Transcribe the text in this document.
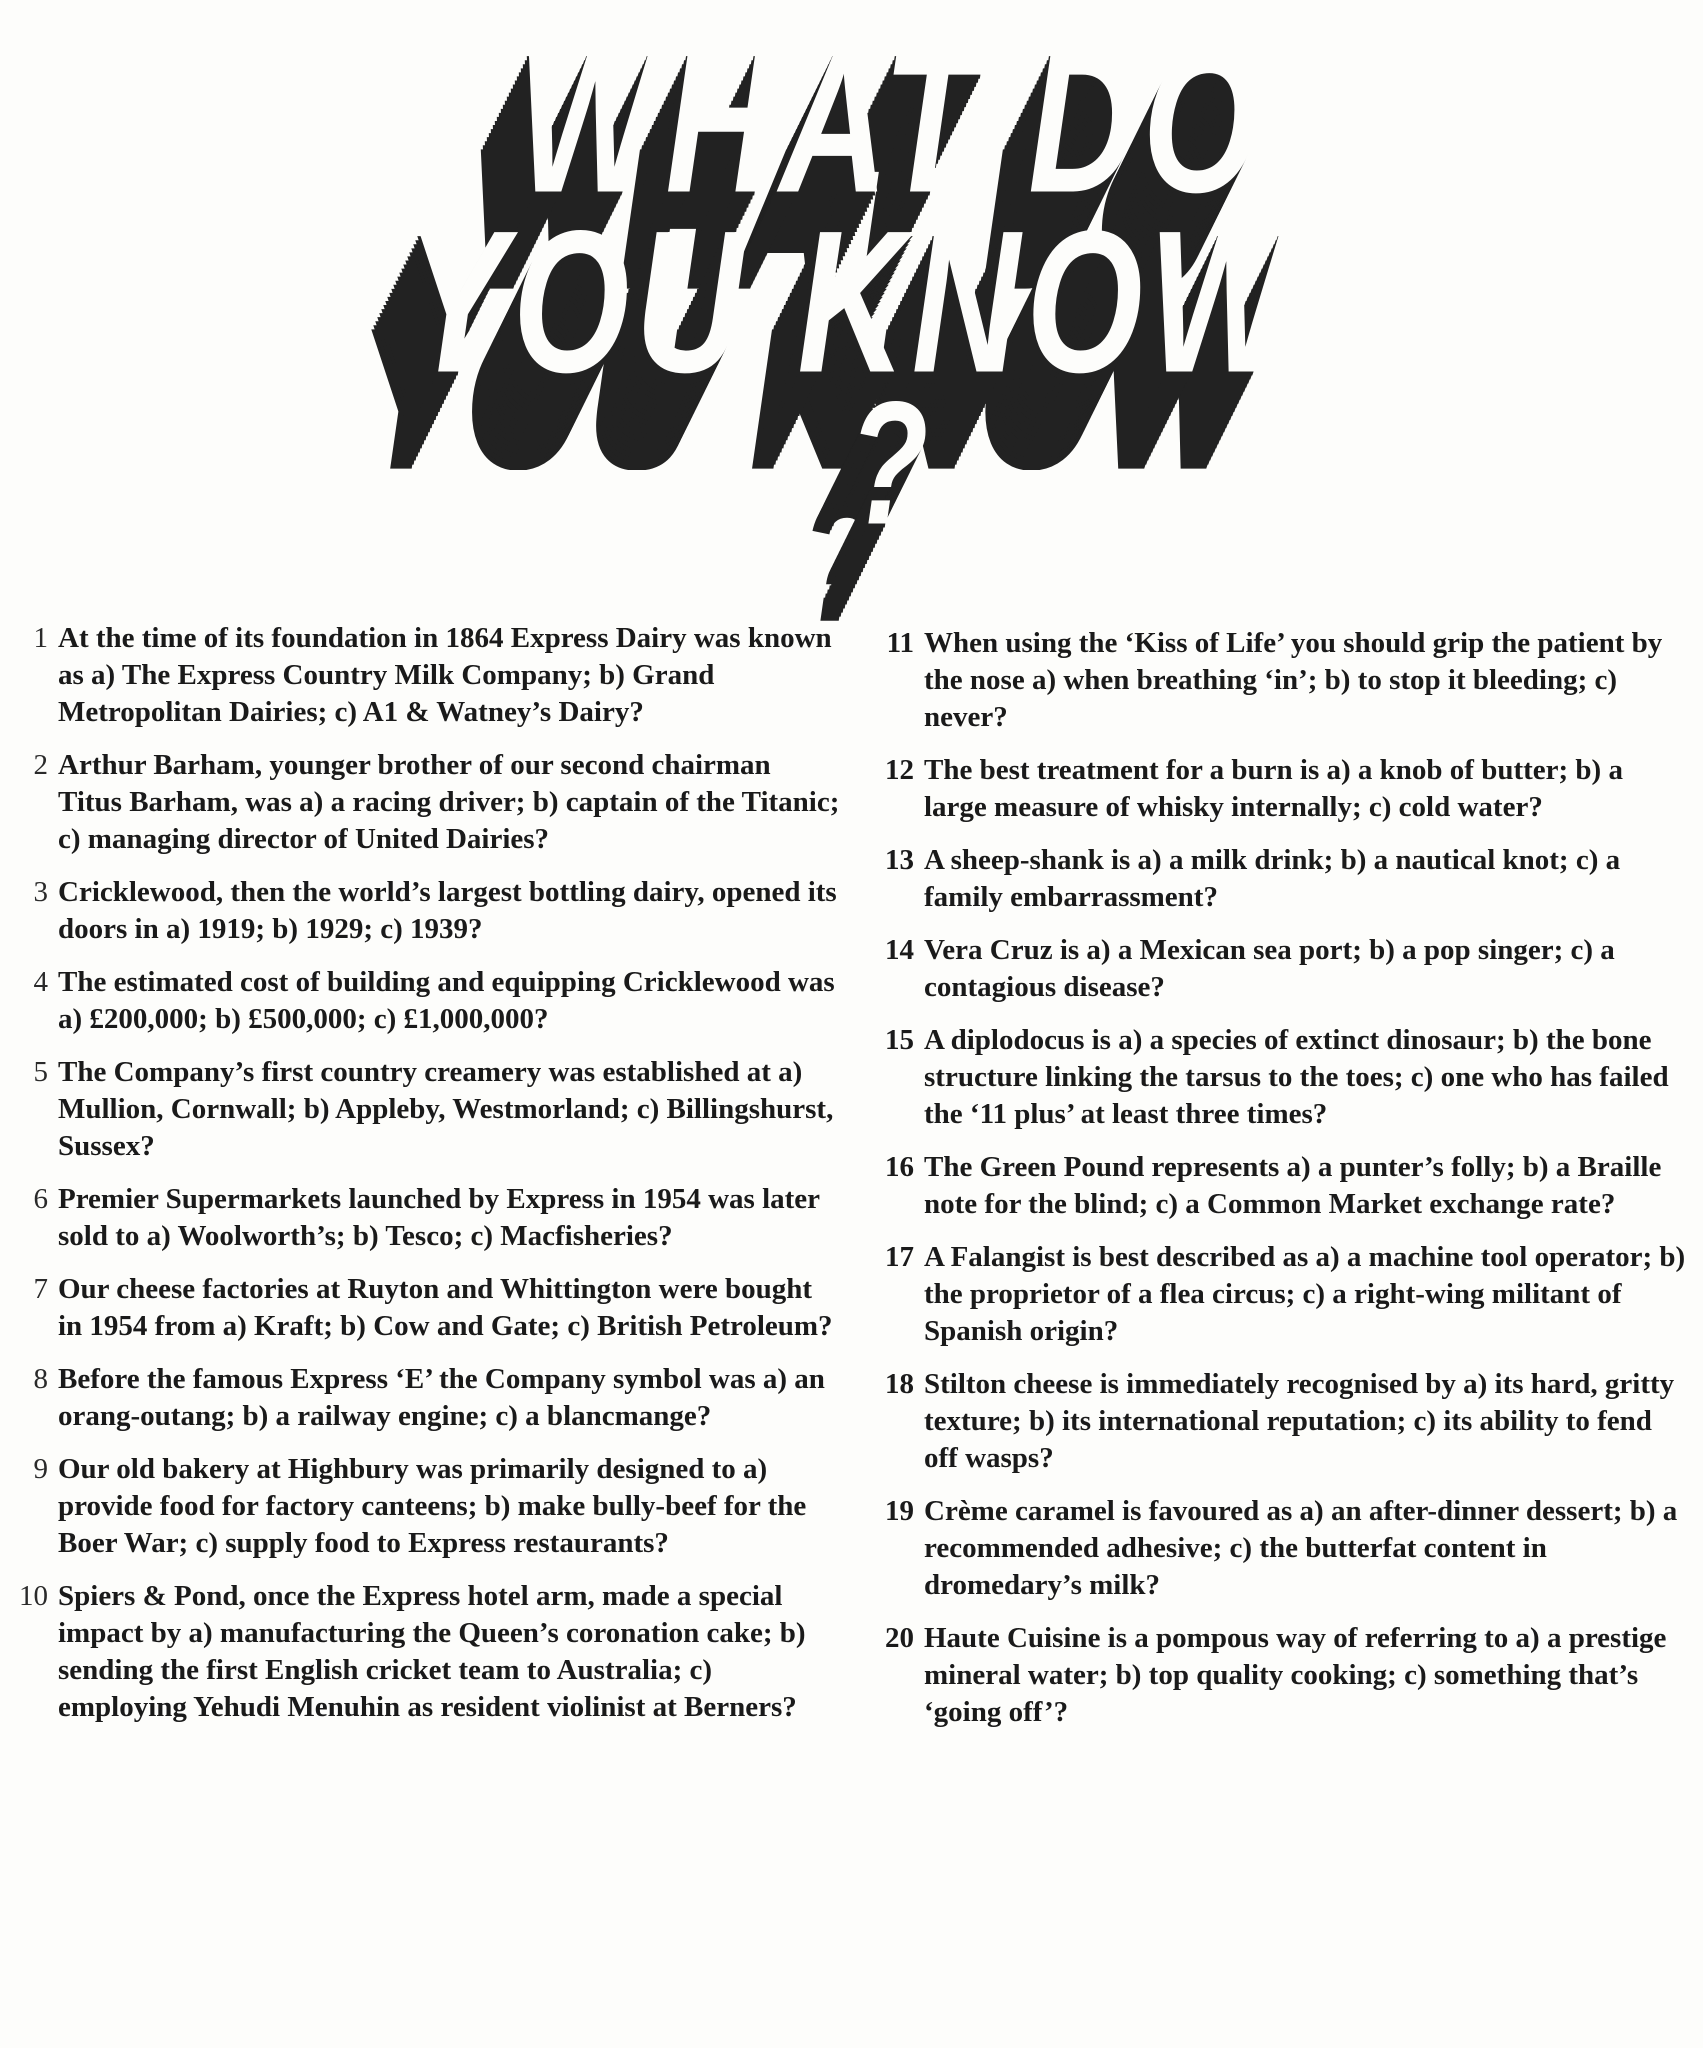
WHAT DO
YOU KNOW
?
1 At the time of its foundation in 1864 Express Dairy was known as a) The Express Country Milk Company; b) Grand Metropolitan Dairies; c) A1 & Watney’s Dairy?
2 Arthur Barham, younger brother of our second chairman Titus Barham, was a) a racing driver; b) captain of the Titanic; c) managing director of United Dairies?
3 Cricklewood, then the world’s largest bottling dairy, opened its doors in a) 1919; b) 1929; c) 1939?
4 The estimated cost of building and equipping Cricklewood was a) £200,000; b) £500,000; c) £1,000,000?
5 The Company’s first country creamery was established at a) Mullion, Cornwall; b) Appleby, Westmorland; c) Billingshurst, Sussex?
6 Premier Supermarkets launched by Express in 1954 was later sold to a) Woolworth’s; b) Tesco; c) Macfisheries?
7 Our cheese factories at Ruyton and Whittington were bought in 1954 from a) Kraft; b) Cow and Gate; c) British Petroleum?
8 Before the famous Express ‘E’ the Company symbol was a) an orang-outang; b) a railway engine; c) a blancmange?
9 Our old bakery at Highbury was primarily designed to a) provide food for factory canteens; b) make bully-beef for the Boer War; c) supply food to Express restaurants?
10 Spiers & Pond, once the Express hotel arm, made a special impact by a) manufacturing the Queen’s coronation cake; b) sending the first English cricket team to Australia; c) employing Yehudi Menuhin as resident violinist at Berners?
11 When using the ‘Kiss of Life’ you should grip the patient by the nose a) when breathing ‘in’; b) to stop it bleeding; c) never?
12 The best treatment for a burn is a) a knob of butter; b) a large measure of whisky internally; c) cold water?
13 A sheep-shank is a) a milk drink; b) a nautical knot; c) a family embarrassment?
14 Vera Cruz is a) a Mexican sea port; b) a pop singer; c) a contagious disease?
15 A diplodocus is a) a species of extinct dinosaur; b) the bone structure linking the tarsus to the toes; c) one who has failed the ‘11 plus’ at least three times?
16 The Green Pound represents a) a punter’s folly; b) a Braille note for the blind; c) a Common Market exchange rate?
17 A Falangist is best described as a) a machine tool operator; b) the proprietor of a flea circus; c) a right-wing militant of Spanish origin?
18 Stilton cheese is immediately recognised by a) its hard, gritty texture; b) its international reputation; c) its ability to fend off wasps?
19 Crème caramel is favoured as a) an after-dinner dessert; b) a recommended adhesive; c) the butterfat content in dromedary’s milk?
20 Haute Cuisine is a pompous way of referring to a) a prestige mineral water; b) top quality cooking; c) something that’s ‘going off’?
